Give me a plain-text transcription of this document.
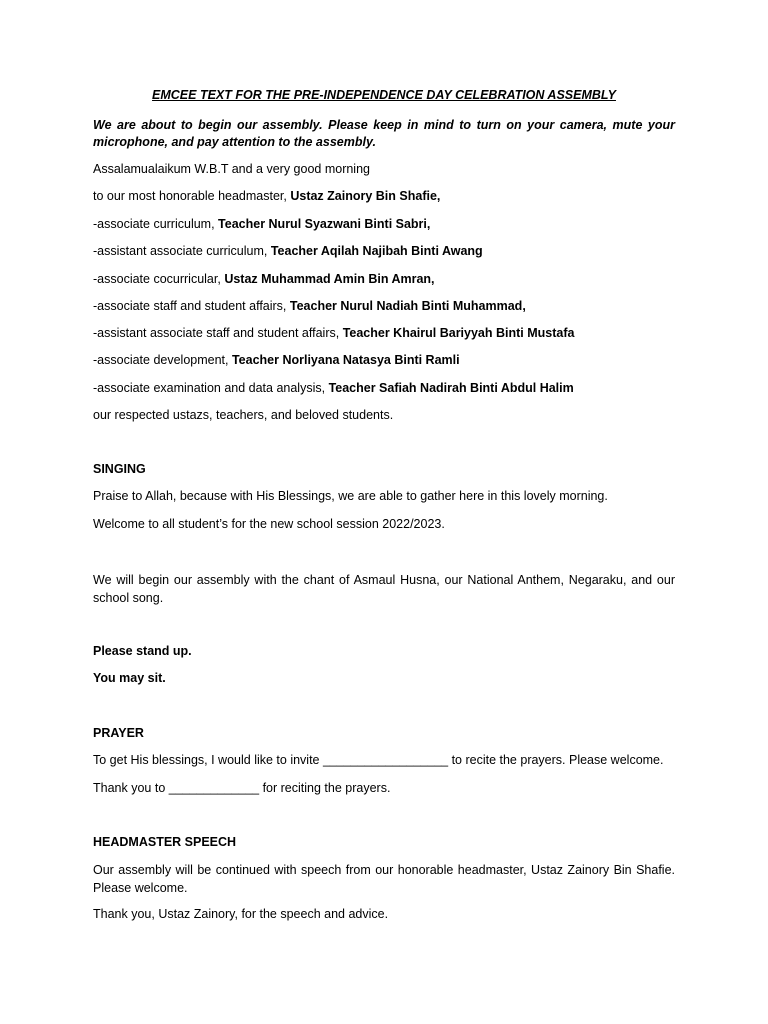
EMCEE TEXT FOR THE PRE-INDEPENDENCE DAY CELEBRATION ASSEMBLY
We are about to begin our assembly. Please keep in mind to turn on your camera, mute your microphone, and pay attention to the assembly.
Assalamualaikum W.B.T and a very good morning
to our most honorable headmaster, Ustaz Zainory Bin Shafie,
-associate curriculum, Teacher Nurul Syazwani Binti Sabri,
-assistant associate curriculum, Teacher Aqilah Najibah Binti Awang
-associate cocurricular, Ustaz Muhammad Amin Bin Amran,
-associate staff and student affairs, Teacher Nurul Nadiah Binti Muhammad,
-assistant associate staff and student affairs, Teacher Khairul Bariyyah Binti Mustafa
-associate development, Teacher Norliyana Natasya Binti Ramli
-associate examination and data analysis, Teacher Safiah Nadirah Binti Abdul Halim
our respected ustazs, teachers, and beloved students.
SINGING
Praise to Allah, because with His Blessings, we are able to gather here in this lovely morning.
Welcome to all student’s for the new school session 2022/2023.
We will begin our assembly with the chant of Asmaul Husna, our National Anthem, Negaraku, and our school song.
Please stand up.
You may sit.
PRAYER
To get His blessings, I would like to invite __________________ to recite the prayers. Please welcome.
Thank you to _____________ for reciting the prayers.
HEADMASTER SPEECH
Our assembly will be continued with speech from our honorable headmaster, Ustaz Zainory Bin Shafie. Please welcome.
Thank you, Ustaz Zainory, for the speech and advice.
